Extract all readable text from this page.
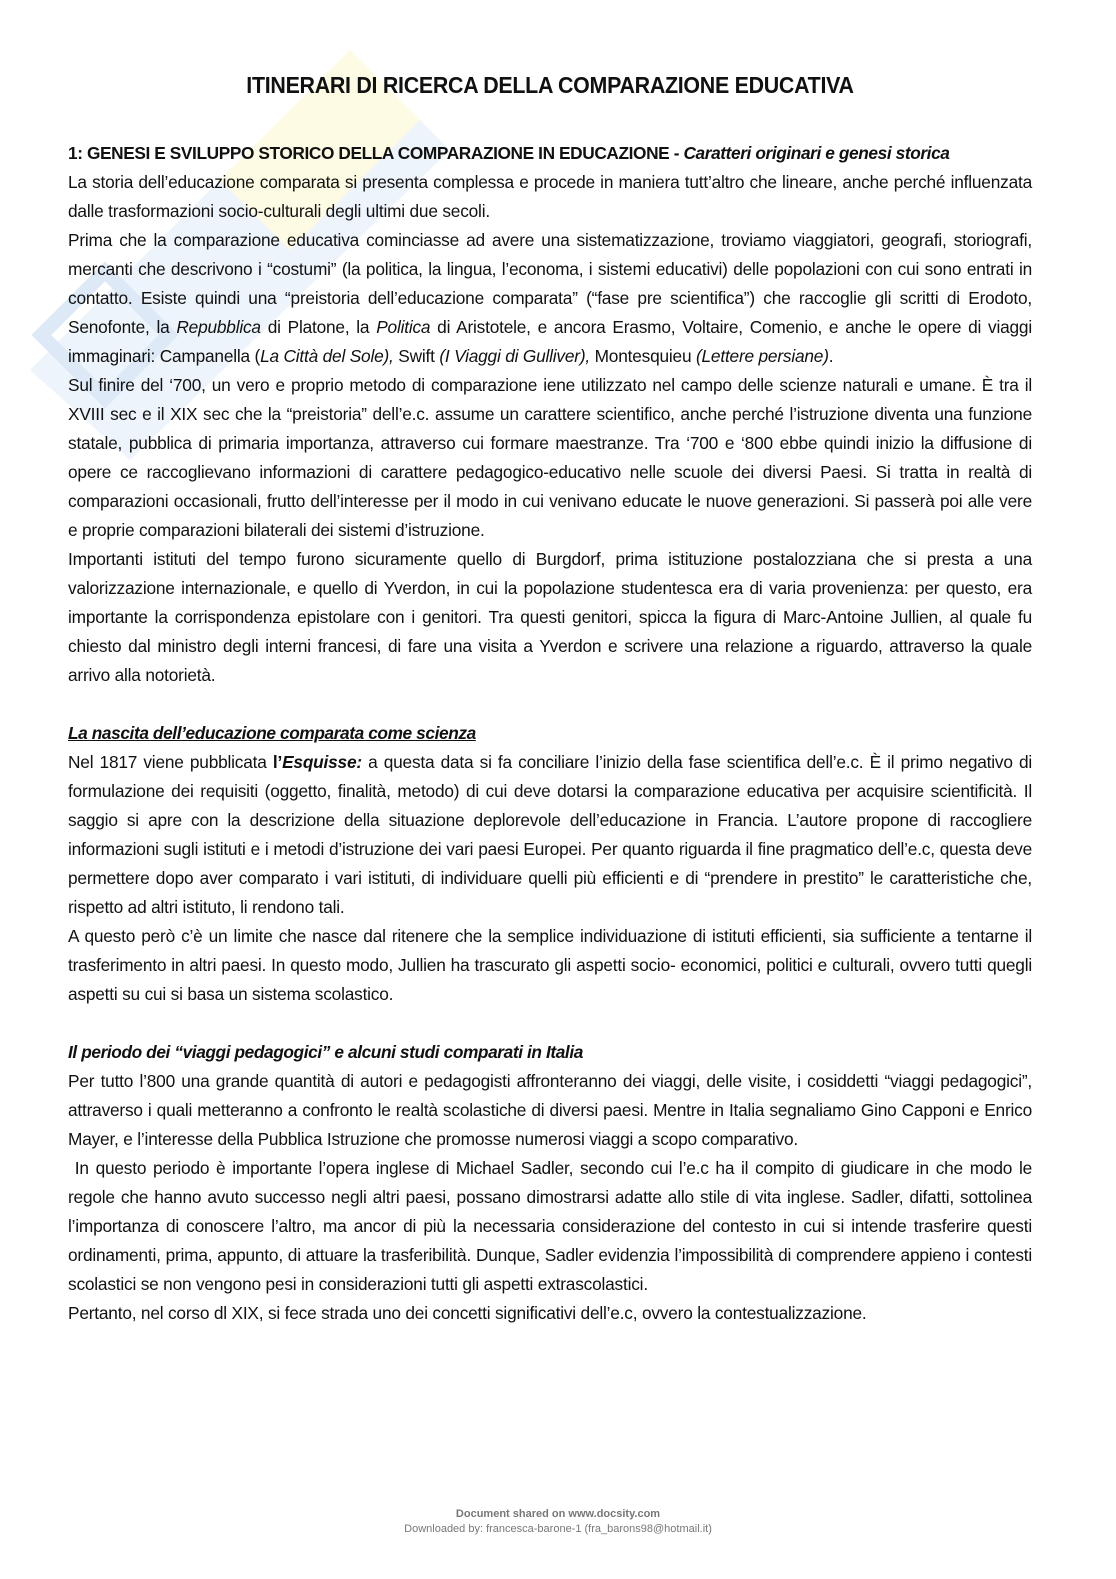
ITINERARI DI RICERCA DELLA COMPARAZIONE EDUCATIVA
1: GENESI E SVILUPPO STORICO DELLA COMPARAZIONE IN EDUCAZIONE - Caratteri originari e genesi storica

La storia dell’educazione comparata si presenta complessa e procede in maniera tutt’altro che lineare, anche perché influenzata dalle trasformazioni socio-culturali degli ultimi due secoli.

Prima che la comparazione educativa cominciasse ad avere una sistematizzazione, troviamo viaggiatori, geografi, storiografi, mercanti che descrivono i “costumi” (la politica, la lingua, l’economa, i sistemi educativi) delle popolazioni con cui sono entrati in contatto. Esiste quindi una “preistoria dell’educazione comparata” (“fase pre scientifica”) che raccoglie gli scritti di Erodoto, Senofonte, la Repubblica di Platone, la Politica di Aristotele, e ancora Erasmo, Voltaire, Comenio, e anche le opere di viaggi immaginari: Campanella (La Città del Sole), Swift (I Viaggi di Gulliver), Montesquieu (Lettere persiane).

Sul finire del ‘700, un vero e proprio metodo di comparazione iene utilizzato nel campo delle scienze naturali e umane. È tra il XVIII sec e il XIX sec che la “preistoria” dell’e.c. assume un carattere scientifico, anche perché l’istruzione diventa una funzione statale, pubblica di primaria importanza, attraverso cui formare maestranze. Tra ‘700 e ‘800 ebbe quindi inizio la diffusione di opere ce raccoglievano informazioni di carattere pedagogico-educativo nelle scuole dei diversi Paesi. Si tratta in realtà di comparazioni occasionali, frutto dell’interesse per il modo in cui venivano educate le nuove generazioni. Si passerà poi alle vere e proprie comparazioni bilaterali dei sistemi d’istruzione.

Importanti istituti del tempo furono sicuramente quello di Burgdorf, prima istituzione postalozziana che si presta a una valorizzazione internazionale, e quello di Yverdon, in cui la popolazione studentesca era di varia provenienza: per questo, era importante la corrispondenza epistolare con i genitori. Tra questi genitori, spicca la figura di Marc-Antoine Jullien, al quale fu chiesto dal ministro degli interni francesi, di fare una visita a Yverdon e scrivere una relazione a riguardo, attraverso la quale arrivo alla notorietà.

La nascita dell’educazione comparata come scienza

Nel 1817 viene pubblicata l’Esquisse: a questa data si fa conciliare l’inizio della fase scientifica dell’e.c. È il primo negativo di formulazione dei requisiti (oggetto, finalità, metodo) di cui deve dotarsi la comparazione educativa per acquisire scientificità. Il saggio si apre con la descrizione della situazione deplorevole dell’educazione in Francia. L’autore propone di raccogliere informazioni sugli istituti e i metodi d’istruzione dei vari paesi Europei. Per quanto riguarda il fine pragmatico dell’e.c, questa deve permettere dopo aver comparato i vari istituti, di individuare quelli più efficienti e di “prendere in prestito” le caratteristiche che, rispetto ad altri istituto, li rendono tali.

A questo però c’è un limite che nasce dal ritenere che la semplice individuazione di istituti efficienti, sia sufficiente a tentarne il trasferimento in altri paesi. In questo modo, Jullien ha trascurato gli aspetti socio- economici, politici e culturali, ovvero tutti quegli aspetti su cui si basa un sistema scolastico.

Il periodo dei “viaggi pedagogici” e alcuni studi comparati in Italia

Per tutto l’800 una grande quantità di autori e pedagogisti affronteranno dei viaggi, delle visite, i cosiddetti “viaggi pedagogici”, attraverso i quali metteranno a confronto le realtà scolastiche di diversi paesi. Mentre in Italia segnaliamo Gino Capponi e Enrico Mayer, e l’interesse della Pubblica Istruzione che promosse numerosi viaggi a scopo comparativo.

In questo periodo è importante l’opera inglese di Michael Sadler, secondo cui l’e.c ha il compito di giudicare in che modo le regole che hanno avuto successo negli altri paesi, possano dimostrarsi adatte allo stile di vita inglese. Sadler, difatti, sottolinea l’importanza di conoscere l’altro, ma ancor di più la necessaria considerazione del contesto in cui si intende trasferire questi ordinamenti, prima, appunto, di attuare la trasferibilità. Dunque, Sadler evidenzia l’impossibilità di comprendere appieno i contesti scolastici se non vengono pesi in considerazioni tutti gli aspetti extrascolastici.

Pertanto, nel corso dl XIX, si fece strada uno dei concetti significativi dell’e.c, ovvero la contestualizzazione.

Document shared on www.docsity.com
Downloaded by: francesca-barone-1 (fra_barons98@hotmail.it)
